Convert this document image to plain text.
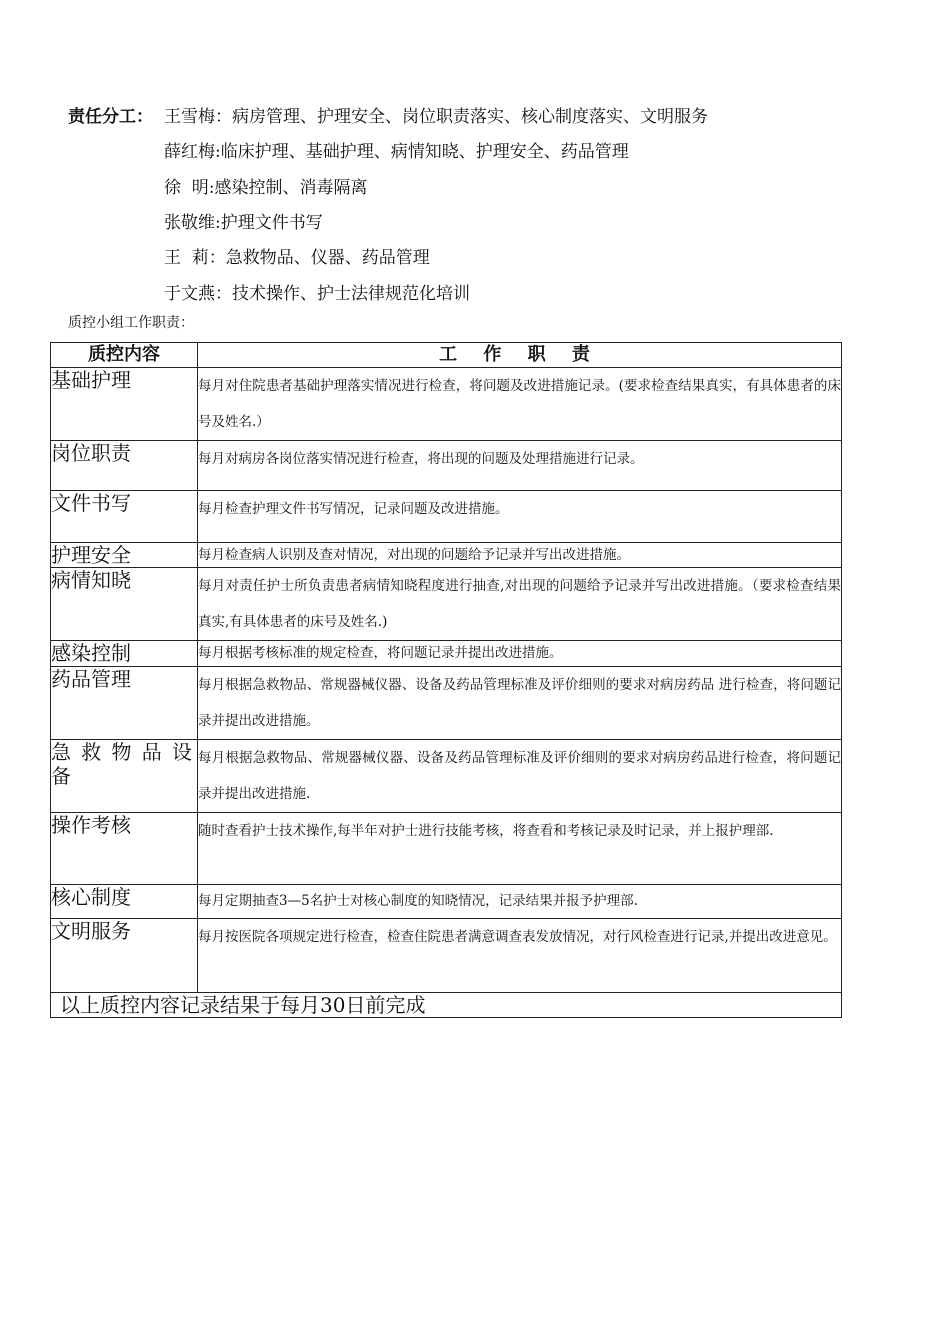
责任分工： 王雪梅：病房管理、护理安全、岗位职责落实、核心制度落实、文明服务
薛红梅:临床护理、基础护理、病情知晓、护理安全、药品管理
徐  明:感染控制、消毒隔离
张敬维:护理文件书写
王  莉：急救物品、仪器、药品管理
于文燕：技术操作、护士法律规范化培训
质控小组工作职责：
质控内容	工 作 职 责
基础护理	每月对住院患者基础护理落实情况进行检查，将问题及改进措施记录。(要求检查结果真实，有具体患者的床号及姓名.）
岗位职责	每月对病房各岗位落实情况进行检查，将出现的问题及处理措施进行记录。
文件书写	每月检查护理文件书写情况，记录问题及改进措施。
护理安全	每月检查病人识别及查对情况，对出现的问题给予记录并写出改进措施。
病情知晓	每月对责任护士所负责患者病情知晓程度进行抽查,对出现的问题给予记录并写出改进措施。（要求检查结果真实,有具体患者的床号及姓名.)
感染控制	每月根据考核标准的规定检查，将问题记录并提出改进措施。
药品管理	每月根据急救物品、常规器械仪器、设备及药品管理标准及评价细则的要求对病房药品 进行检查，将问题记录并提出改进措施。
急救物品设备	每月根据急救物品、常规器械仪器、设备及药品管理标准及评价细则的要求对病房药品进行检查，将问题记录并提出改进措施.
操作考核	随时查看护士技术操作,每半年对护士进行技能考核，将查看和考核记录及时记录，并上报护理部.
核心制度	每月定期抽查3—5名护士对核心制度的知晓情况，记录结果并报予护理部.
文明服务	每月按医院各项规定进行检查，检查住院患者满意调查表发放情况，对行风检查进行记录,并提出改进意见。
以上质控内容记录结果于每月30日前完成	
